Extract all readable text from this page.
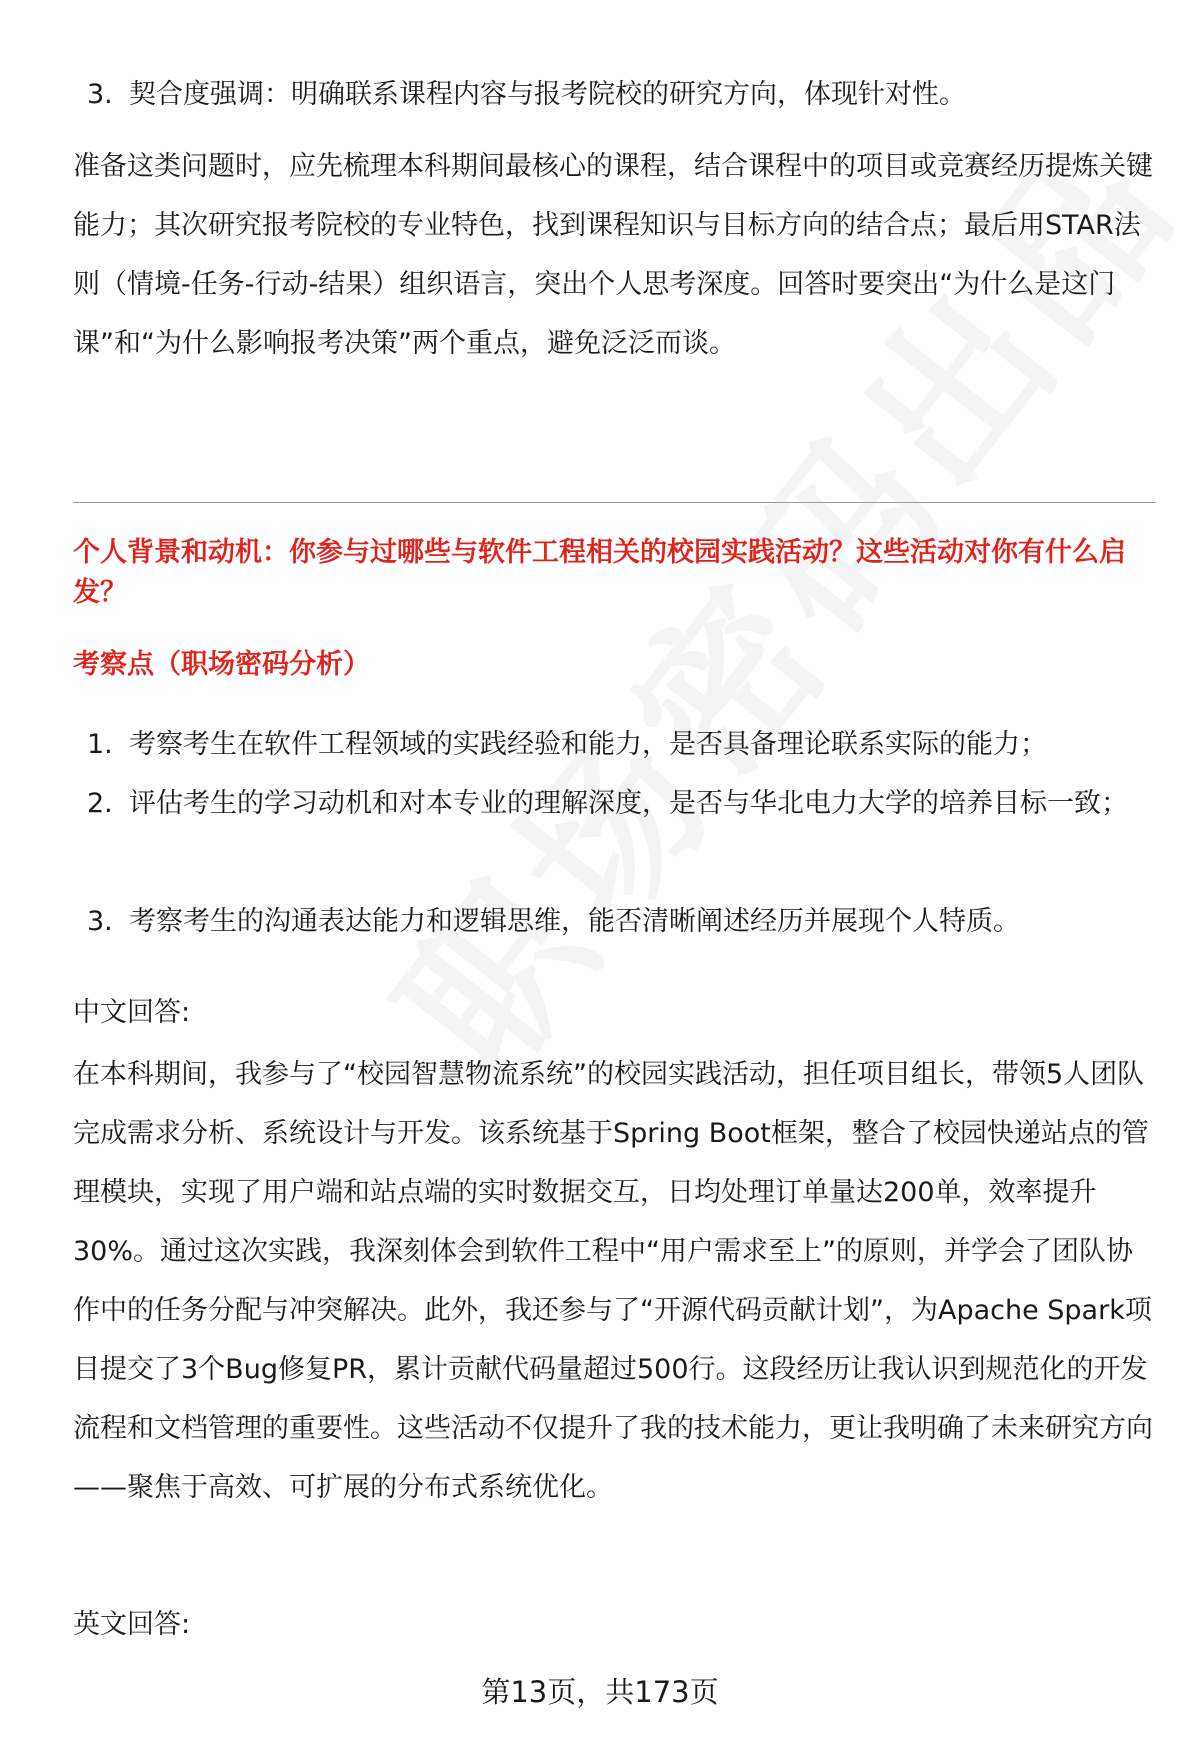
3. 契合度强调：明确联系课程内容与报考院校的研究方向，体现针对性。
准备这类问题时，应先梳理本科期间最核心的课程，结合课程中的项目或竞赛经历提炼关键能力；其次研究报考院校的专业特色，找到课程知识与目标方向的结合点；最后用STAR法则（情境-任务-行动-结果）组织语言，突出个人思考深度。回答时要突出“为什么是这门课”和“为什么影响报考决策”两个重点，避免泛泛而谈。
个人背景和动机：你参与过哪些与软件工程相关的校园实践活动？这些活动对你有什么启发？
考察点（职场密码分析）
1. 考察考生在软件工程领域的实践经验和能力，是否具备理论联系实际的能力；
2. 评估考生的学习动机和对本专业的理解深度，是否与华北电力大学的培养目标一致；
3. 考察考生的沟通表达能力和逻辑思维，能否清晰阐述经历并展现个人特质。
中文回答:
在本科期间，我参与了“校园智慧物流系统”的校园实践活动，担任项目组长，带领5人团队完成需求分析、系统设计与开发。该系统基于Spring Boot框架，整合了校园快递站点的管理模块，实现了用户端和站点端的实时数据交互，日均处理订单量达200单，效率提升30%。通过这次实践，我深刻体会到软件工程中“用户需求至上”的原则，并学会了团队协作中的任务分配与冲突解决。此外，我还参与了“开源代码贡献计划”，为Apache Spark项目提交了3个Bug修复PR，累计贡献代码量超过500行。这段经历让我认识到规范化的开发流程和文档管理的重要性。这些活动不仅提升了我的技术能力，更让我明确了未来研究方向——聚焦于高效、可扩展的分布式系统优化。
英文回答:
第13页，共173页
